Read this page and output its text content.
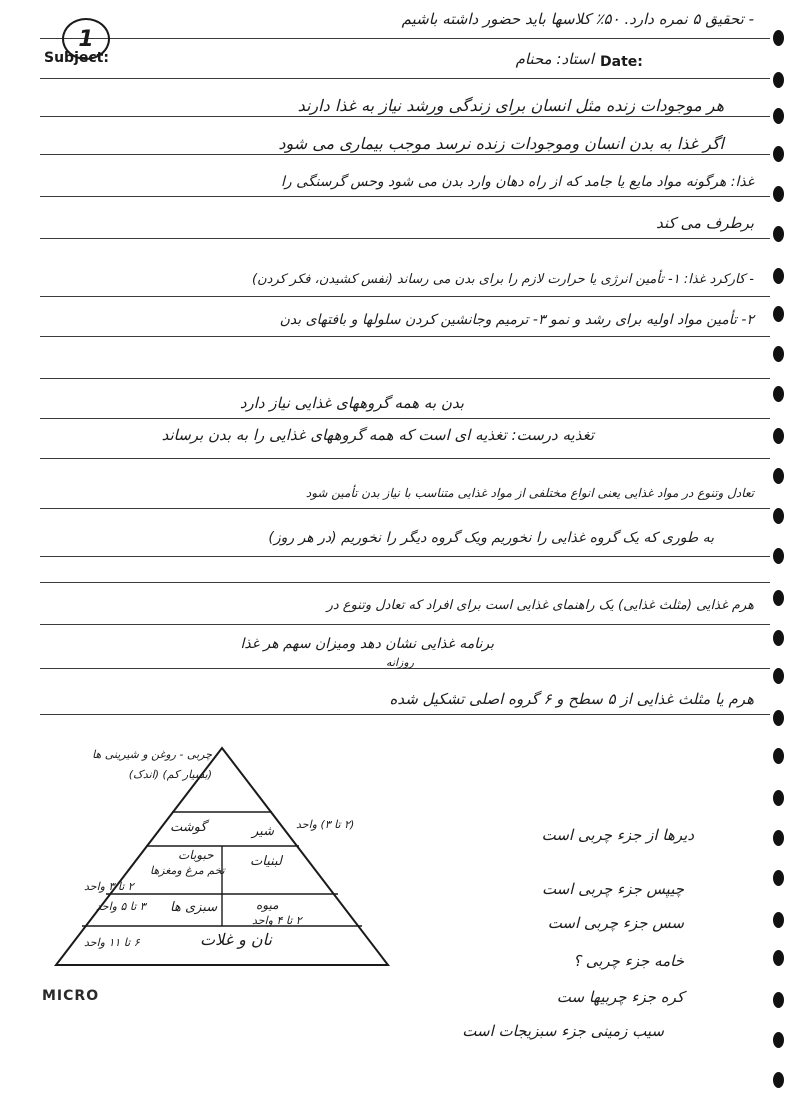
1
Subject:	Date:
- تحقیق ۵ نمره دارد. ۵۰٪ کلاسها باید حضور داشته باشیم
استاد: محنام
هر موجودات زنده مثل انسان برای زندگی ورشد نیاز به غذا دارند
اگر غذا به بدن انسان وموجودات زنده نرسد موجب بیماری می شود
غذا: هرگونه مواد مایع یا جامد که از راه دهان وارد بدن می شود وحس گرسنگی را
برطرف می کند
- کارکرد غذا: ۱- تأمین انرژی یا حرارت لازم را برای بدن می رساند (نفس کشیدن، فکر کردن)
۲- تأمین مواد اولیه برای رشد و نمو ۳- ترمیم وجانشین کردن سلولها و بافتهای بدن
بدن به همه گروههای غذایی نیاز دارد
تغذیه درست: تغذیه ای است که همه گروههای غذایی را به بدن برساند
تعادل وتنوع در مواد غذایی یعنی انواع مختلفی از مواد غذایی متناسب با نیاز بدن تأمین شود
به طوری که یک گروه غذایی را نخوریم ویک گروه دیگر را نخوریم (در هر روز)
هرم غذایی (مثلث غذایی) یک راهنمای غذایی است برای افراد که تعادل وتنوع در
برنامه غذایی نشان دهد ومیزان سهم هر غذا
روزانه
هرم یا مثلث غذایی از ۵ سطح و ۶ گروه اصلی تشکیل شده
چربی - روغن و شیرینی ها
(بسیار کم) (اندک)
گوشت	شیر (۲ تا ۳) واحد
لبنیات
حبوبات
تخم مرغ ومغزها
۲ تا ۳ واحد
سبزی ها
۳ تا ۵ واحد	میوه
۲ تا ۴ واحد
نان و غلات
۶ تا ۱۱ واحد
دیرها از جزء چربی است
چیپس جزء چربی است
سس جزء چربی است
خامه جزء چربی ؟
کره جزء چربیها ست
سیب زمینی جزء سبزیجات است
MICRO
